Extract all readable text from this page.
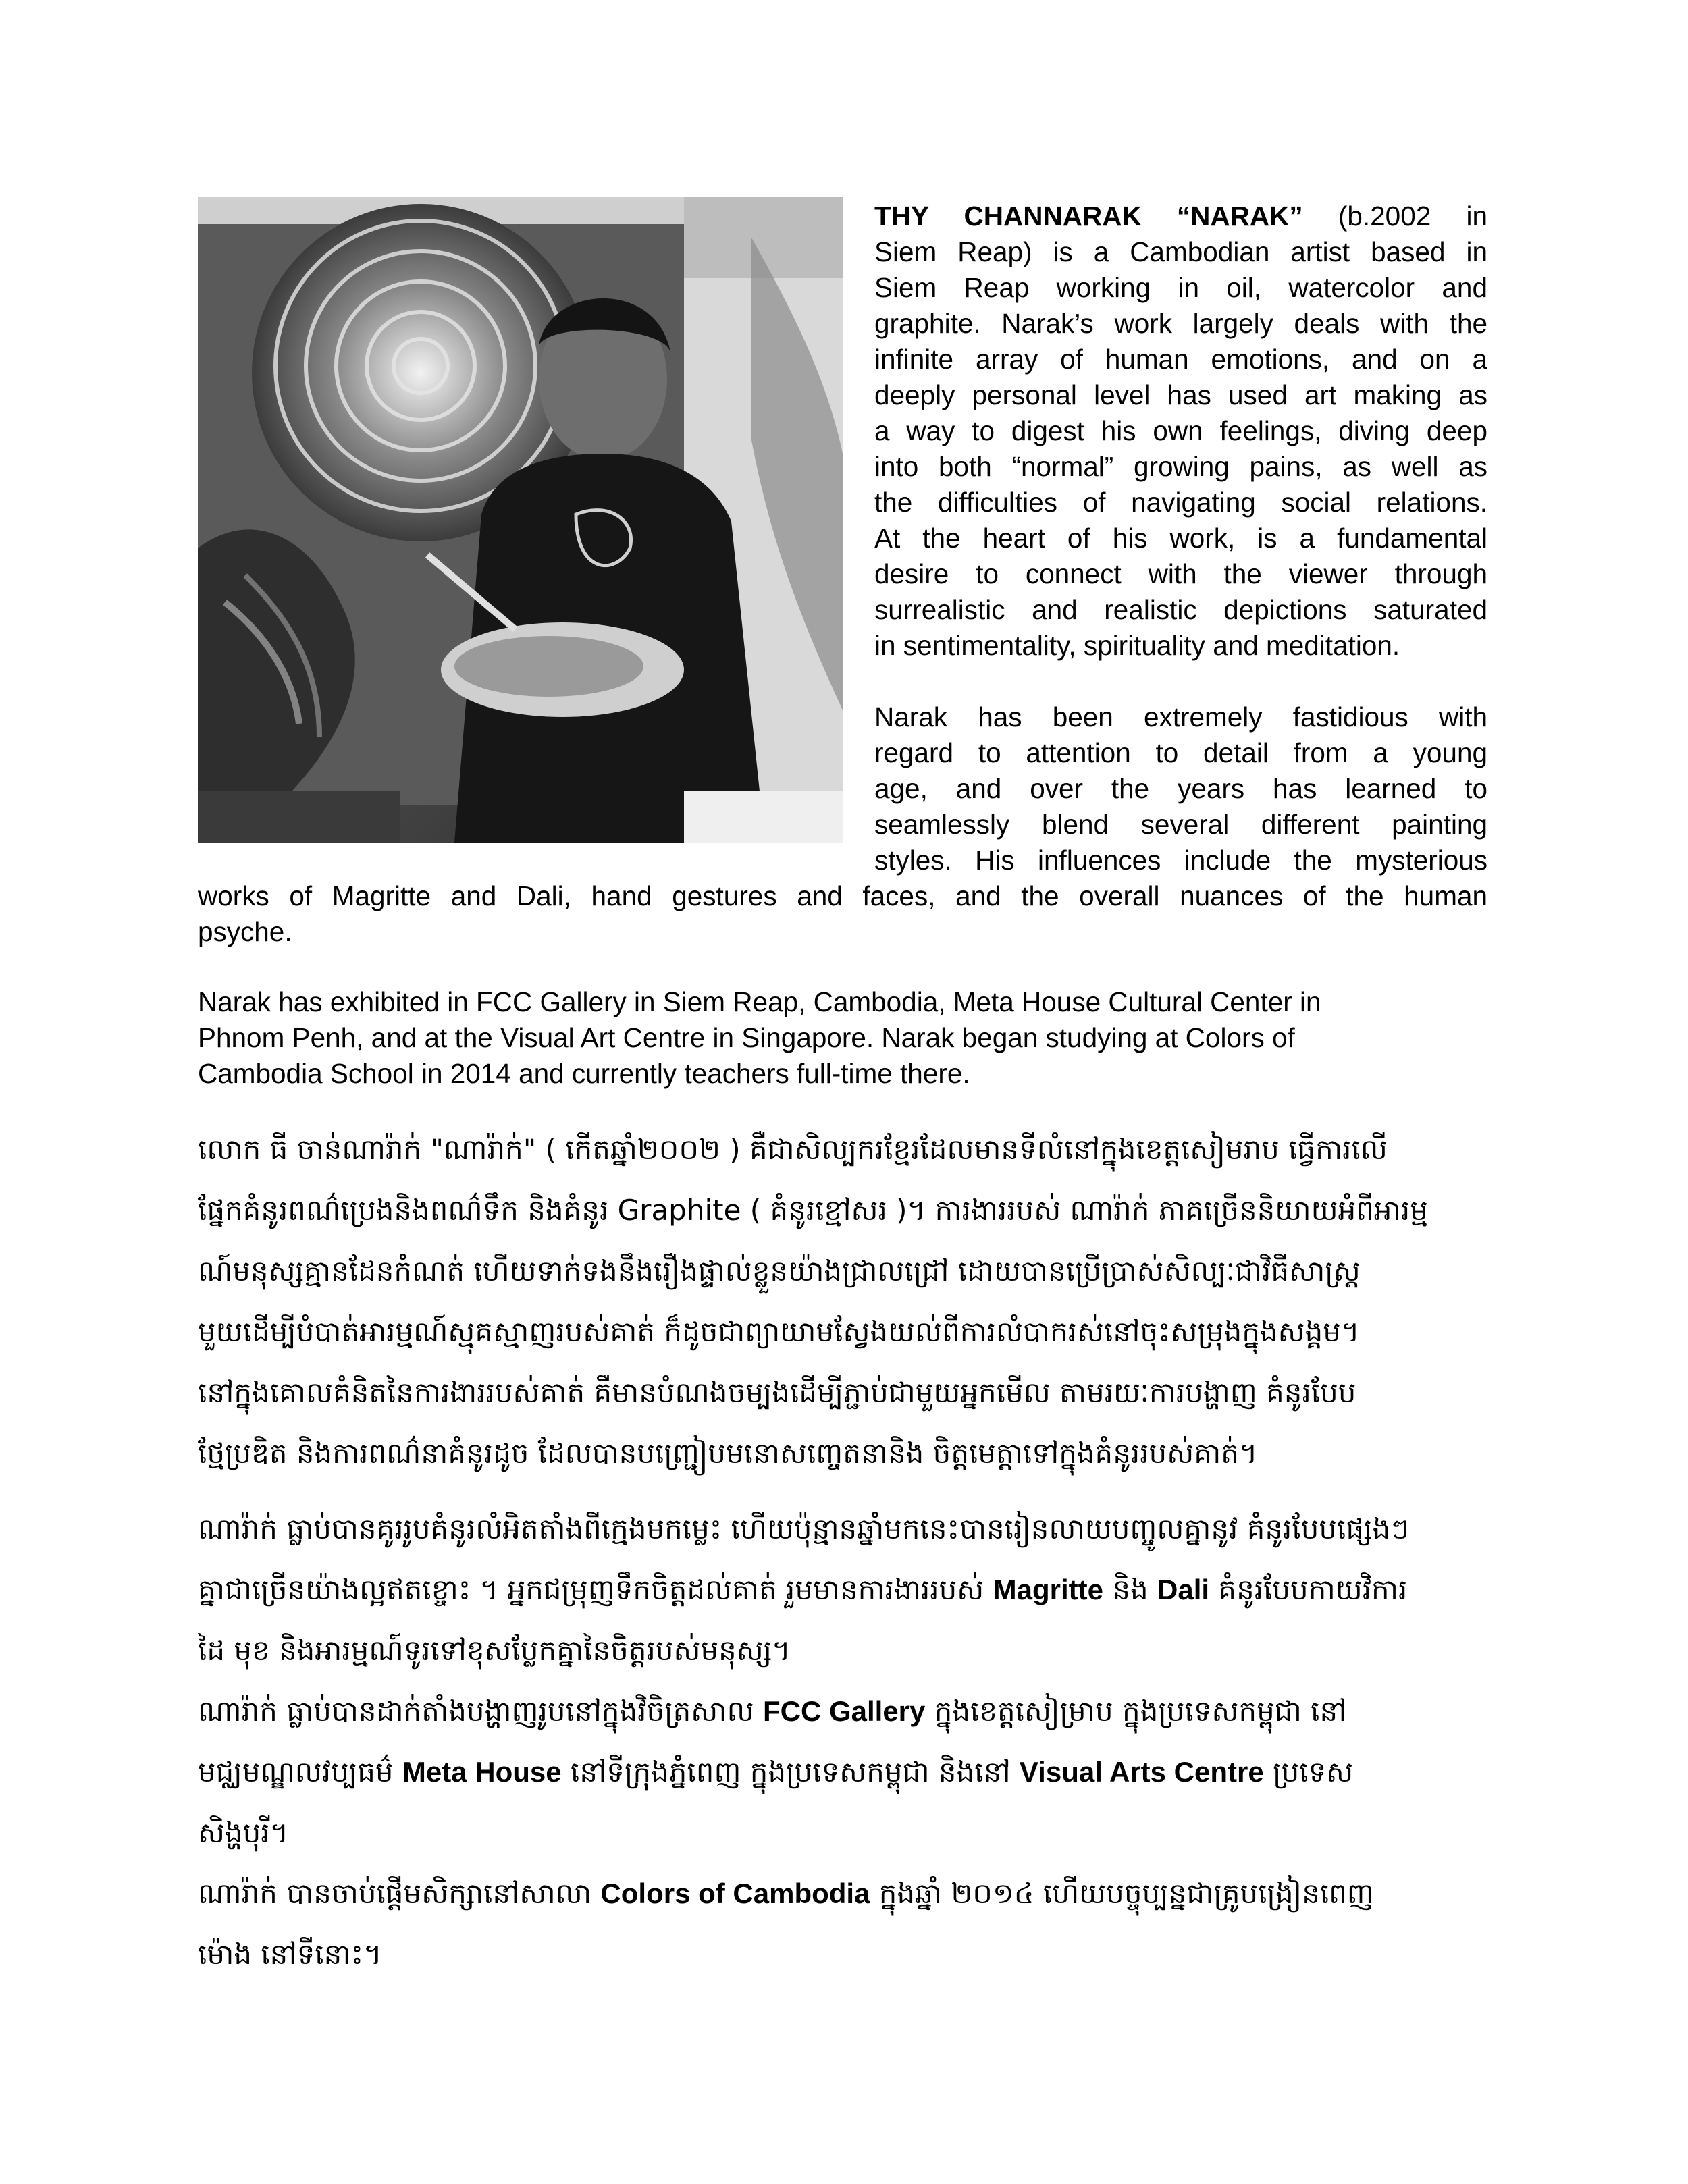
THY CHANNARAK “NARAK” (b.2002 in
Siem Reap) is a Cambodian artist based in
Siem Reap working in oil, watercolor and
graphite. Narak’s work largely deals with the
infinite array of human emotions, and on a
deeply personal level has used art making as
a way to digest his own feelings, diving deep
into both “normal” growing pains, as well as
the difficulties of navigating social relations.
At the heart of his work, is a fundamental
desire to connect with the viewer through
surrealistic and realistic depictions saturated
in sentimentality, spirituality and meditation.
Narak has been extremely fastidious with
regard to attention to detail from a young
age, and over the years has learned to
seamlessly blend several different painting
styles. His influences include the mysterious
works of Magritte and Dali, hand gestures and faces, and the overall nuances of the human
psyche.
Narak has exhibited in FCC Gallery in Siem Reap, Cambodia, Meta House Cultural Center in
Phnom Penh, and at the Visual Art Centre in Singapore. Narak began studying at Colors of
Cambodia School in 2014 and currently teachers full-time there.
លោក ធី ចាន់ណារ៉ាក់ "ណារ៉ាក់" ( កើតឆ្នាំ២០០២ ) គឺជាសិល្បករខ្មែរដែលមានទីលំនៅក្នុងខេត្តសៀមរាប ធ្វើការលើ
ផ្នែកគំនូរពណ៌ប្រេងនិងពណ៌ទឹក និងគំនូរ Graphite ( គំនូរខ្មៅសរ )។ ការងាររបស់ ណារ៉ាក់ ភាគច្រើននិយាយអំពីអារម្ម
ណ៍មនុស្សគ្មានដែនកំណត់ ហើយទាក់ទងនឹងរឿងផ្ទាល់ខ្លួនយ៉ាងជ្រាលជ្រៅ ដោយបានប្រើប្រាស់សិល្បៈជាវិធីសាស្ត្រ
មួយដើម្បីបំបាត់អារម្មណ៍ស្មុគស្មាញរបស់គាត់ ក៏ដូចជាព្យាយាមស្វែងយល់ពីការលំបាករស់នៅចុះសម្រុងក្នុងសង្គម។
នៅក្នុងគោលគំនិតនៃការងាររបស់គាត់ គឺមានបំណងចម្បងដើម្បីភ្ជាប់ជាមួយអ្នកមើល តាមរយៈការបង្ហាញ គំនូរបែប
ថ្មែប្រឌិត និងការពណ៌នាគំនូរដូច ដែលបានបញ្ជ្រៀបមនោសញ្ចេតនានិង ចិត្តមេត្តាទៅក្នុងគំនូររបស់គាត់។
ណារ៉ាក់ ធ្លាប់បានគូររូបគំនូរលំអិតតាំងពីក្មេងមកម្លេះ ហើយប៉ុន្មានឆ្នាំមកនេះបានរៀនលាយបញ្ចូលគ្នានូវ គំនូរបែបផ្សេងៗ
គ្នាជាច្រើនយ៉ាងល្អឥតខ្ចោះ ។ អ្នកជម្រុញទឹកចិត្តដល់គាត់ រួមមានការងាររបស់ Magritte និង Dali គំនូរបែបកាយវិការ
ដៃ មុខ និងអារម្មណ៍ទូរទៅខុសប្លែកគ្នានៃចិត្តរបស់មនុស្ស។
ណារ៉ាក់ ធ្លាប់បានដាក់តាំងបង្ហាញរូបនៅក្នុងវិចិត្រសាល FCC Gallery ក្នុងខេត្តសៀម្រាប ក្នុងប្រទេសកម្ពុជា នៅ
មជ្ឈមណ្ឌលវប្បធម៌ Meta House នៅទីក្រុងភ្នំពេញ ក្នុងប្រទេសកម្ពុជា និងនៅ Visual Arts Centre ប្រទេស
សិង្ហបុរី។
ណារ៉ាក់ បានចាប់ផ្ដើមសិក្សានៅសាលា Colors of Cambodia ក្នុងឆ្នាំ ២០១៤ ហើយបច្ចុប្បន្នជាគ្រូបង្រៀនពេញ
ម៉ោង នៅទីនោះ។
